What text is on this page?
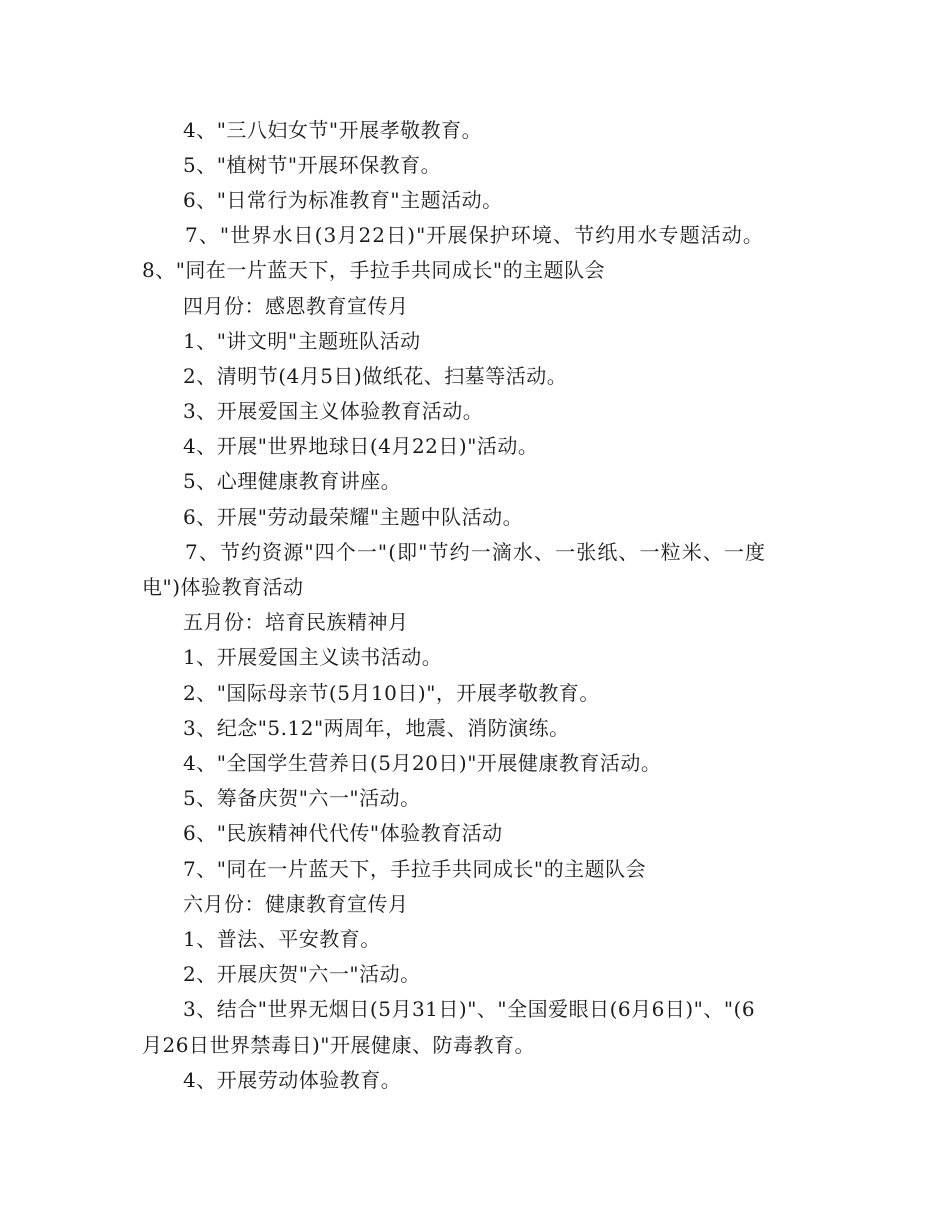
4、"三八妇女节"开展孝敬教育。
5、"植树节"开展环保教育。
6、"日常行为标准教育"主题活动。
7、"世界水日(3月22日)"开展保护环境、节约用水专题活动。
8、"同在一片蓝天下，手拉手共同成长"的主题队会
四月份：感恩教育宣传月
1、"讲文明"主题班队活动
2、清明节(4月5日)做纸花、扫墓等活动。
3、开展爱国主义体验教育活动。
4、开展"世界地球日(4月22日)"活动。
5、心理健康教育讲座。
6、开展"劳动最荣耀"主题中队活动。
7、节约资源"四个一"(即"节约一滴水、一张纸、一粒米、一度
电")体验教育活动
五月份：培育民族精神月
1、开展爱国主义读书活动。
2、"国际母亲节(5月10日)"，开展孝敬教育。
3、纪念"5.12"两周年，地震、消防演练。
4、"全国学生营养日(5月20日)"开展健康教育活动。
5、筹备庆贺"六一"活动。
6、"民族精神代代传"体验教育活动
7、"同在一片蓝天下，手拉手共同成长"的主题队会
六月份：健康教育宣传月
1、普法、平安教育。
2、开展庆贺"六一"活动。
3、结合"世界无烟日(5月31日)"、"全国爱眼日(6月6日)"、"(6
月26日世界禁毒日)"开展健康、防毒教育。
4、开展劳动体验教育。
